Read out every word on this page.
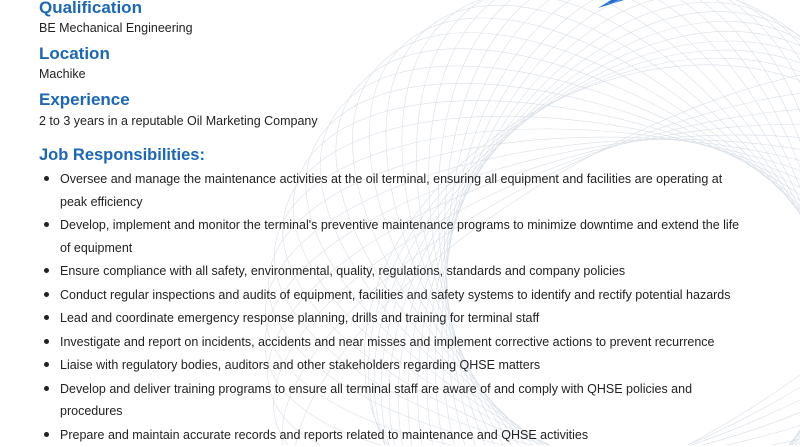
Qualification

BE Mechanical Engineering

Location

Machike

Experience

2 to 3 years in a reputable Oil Marketing Company

Job Responsibilities:
Oversee and manage the maintenance activities at the oil terminal, ensuring all equipment and facilities are operating at peak efficiency
Develop, implement and monitor the terminal's preventive maintenance programs to minimize downtime and extend the life of equipment
Ensure compliance with all safety, environmental, quality, regulations, standards and company policies
Conduct regular inspections and audits of equipment, facilities and safety systems to identify and rectify potential hazards
Lead and coordinate emergency response planning, drills and training for terminal staff
Investigate and report on incidents, accidents and near misses and implement corrective actions to prevent recurrence
Liaise with regulatory bodies, auditors and other stakeholders regarding QHSE matters
Develop and deliver training programs to ensure all terminal staff are aware of and comply with QHSE policies and procedures
Prepare and maintain accurate records and reports related to maintenance and QHSE activities
